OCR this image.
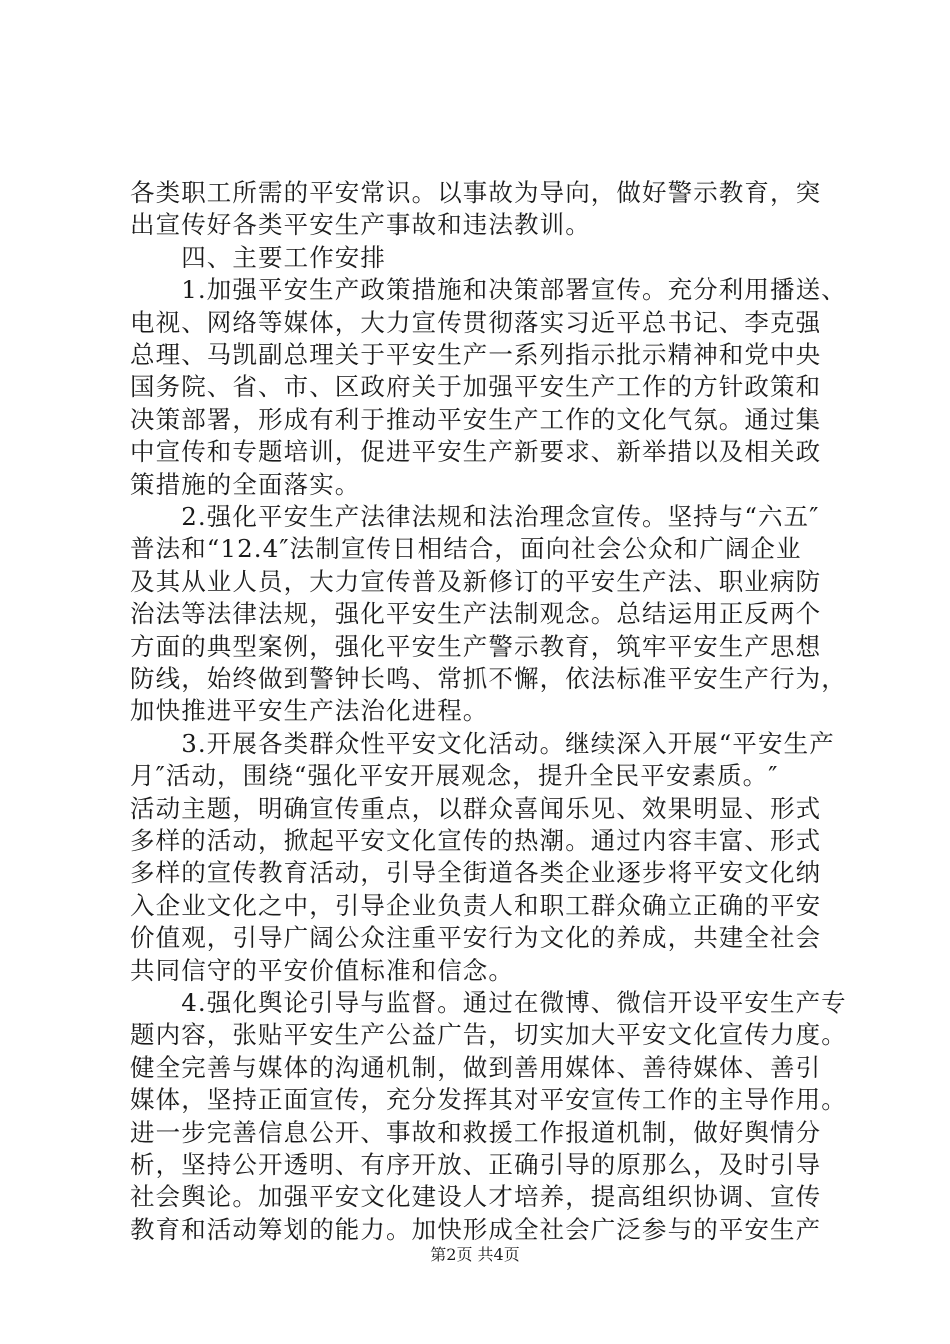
各类职工所需的平安常识。以事故为导向，做好警示教育，突
出宣传好各类平安生产事故和违法教训。
　　四、主要工作安排
　　1.加强平安生产政策措施和决策部署宣传。充分利用播送、
电视、网络等媒体，大力宣传贯彻落实习近平总书记、李克强
总理、马凯副总理关于平安生产一系列指示批示精神和党中央
国务院、省、市、区政府关于加强平安生产工作的方针政策和
决策部署，形成有利于推动平安生产工作的文化气氛。通过集
中宣传和专题培训，促进平安生产新要求、新举措以及相关政
策措施的全面落实。
　　2.强化平安生产法律法规和法治理念宣传。坚持与“六五″
普法和“12.4″法制宣传日相结合，面向社会公众和广阔企业
及其从业人员，大力宣传普及新修订的平安生产法、职业病防
治法等法律法规，强化平安生产法制观念。总结运用正反两个
方面的典型案例，强化平安生产警示教育，筑牢平安生产思想
防线，始终做到警钟长鸣、常抓不懈，依法标准平安生产行为，
加快推进平安生产法治化进程。
　　3.开展各类群众性平安文化活动。继续深入开展“平安生产
月″活动，围绕“强化平安开展观念，提升全民平安素质。″
活动主题，明确宣传重点，以群众喜闻乐见、效果明显、形式
多样的活动，掀起平安文化宣传的热潮。通过内容丰富、形式
多样的宣传教育活动，引导全街道各类企业逐步将平安文化纳
入企业文化之中，引导企业负责人和职工群众确立正确的平安
价值观，引导广阔公众注重平安行为文化的养成，共建全社会
共同信守的平安价值标准和信念。
　　4.强化舆论引导与监督。通过在微博、微信开设平安生产专
题内容，张贴平安生产公益广告，切实加大平安文化宣传力度。
健全完善与媒体的沟通机制，做到善用媒体、善待媒体、善引
媒体，坚持正面宣传，充分发挥其对平安宣传工作的主导作用。
进一步完善信息公开、事故和救援工作报道机制，做好舆情分
析，坚持公开透明、有序开放、正确引导的原那么，及时引导
社会舆论。加强平安文化建设人才培养，提高组织协调、宣传
教育和活动筹划的能力。加快形成全社会广泛参与的平安生产
第2页 共4页
